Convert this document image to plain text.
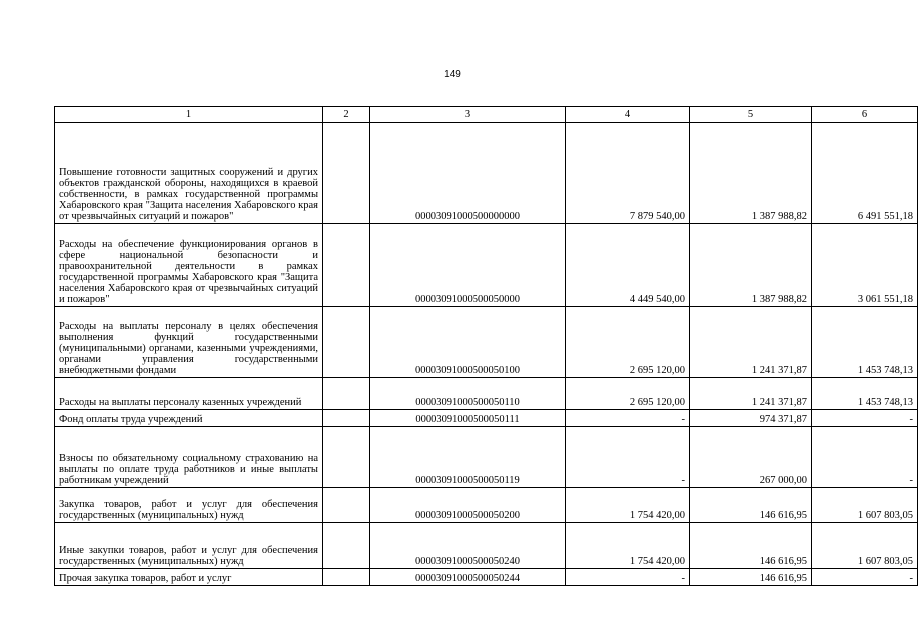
149
1	2	3	4	5	6
Повышение готовности защитных сооружений и других объектов гражданской обороны, находящихся в краевой собственности, в рамках государственной программы Хабаровского края "Защита населения Хабаровского края от чрезвычайных ситуаций и пожаров"		00003091000500000000	7 879 540,00	1 387 988,82	6 491 551,18
Расходы на обеспечение функционирования органов в сфере национальной безопасности и правоохранительной деятельности в рамках государственной программы Хабаровского края "Защита населения Хабаровского края от чрезвычайных ситуаций и пожаров"		00003091000500050000	4 449 540,00	1 387 988,82	3 061 551,18
Расходы на выплаты персоналу в целях обеспечения выполнения функций государственными (муниципальными) органами, казенными учреждениями, органами управления государственными внебюджетными фондами		00003091000500050100	2 695 120,00	1 241 371,87	1 453 748,13
Расходы на выплаты персоналу казенных учреждений		00003091000500050110	2 695 120,00	1 241 371,87	1 453 748,13
Фонд оплаты труда учреждений		00003091000500050111	-	974 371,87	-
Взносы по обязательному социальному страхованию на выплаты по оплате труда работников и иные выплаты работникам учреждений		00003091000500050119	-	267 000,00	-
Закупка товаров, работ и услуг для обеспечения государственных (муниципальных) нужд		00003091000500050200	1 754 420,00	146 616,95	1 607 803,05
Иные закупки товаров, работ и услуг для обеспечения государственных (муниципальных) нужд		00003091000500050240	1 754 420,00	146 616,95	1 607 803,05
Прочая закупка товаров, работ и услуг		00003091000500050244	-	146 616,95	-
